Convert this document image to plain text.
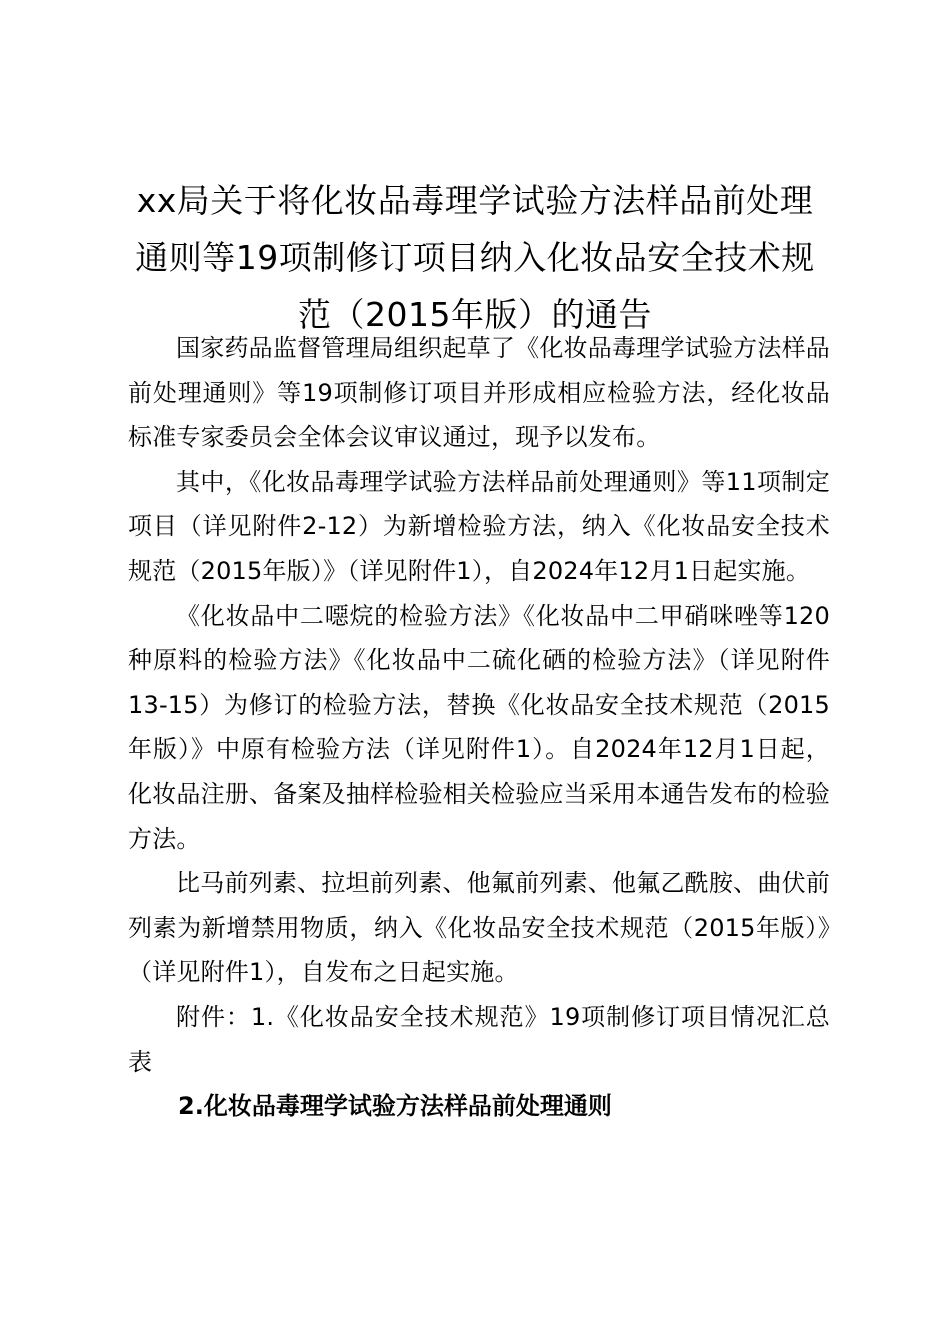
xx局关于将化妆品毒理学试验方法样品前处理通则等19项制修订项目纳入化妆品安全技术规范（2015年版）的通告

国家药品监督管理局组织起草了《化妆品毒理学试验方法样品前处理通则》等19项制修订项目并形成相应检验方法，经化妆品标准专家委员会全体会议审议通过，现予以发布。

其中，《化妆品毒理学试验方法样品前处理通则》等11项制定项目（详见附件2-12）为新增检验方法，纳入《化妆品安全技术规范（2015年版）》（详见附件1），自2024年12月1日起实施。

《化妆品中二噁烷的检验方法》《化妆品中二甲硝咪唑等120种原料的检验方法》《化妆品中二硫化硒的检验方法》（详见附件13-15）为修订的检验方法，替换《化妆品安全技术规范（2015年版）》中原有检验方法（详见附件1）。自2024年12月1日起，化妆品注册、备案及抽样检验相关检验应当采用本通告发布的检验方法。

比马前列素、拉坦前列素、他氟前列素、他氟乙酰胺、曲伏前列素为新增禁用物质，纳入《化妆品安全技术规范（2015年版）》（详见附件1），自发布之日起实施。

附件：1.《化妆品安全技术规范》19项制修订项目情况汇总表

2.化妆品毒理学试验方法样品前处理通则
